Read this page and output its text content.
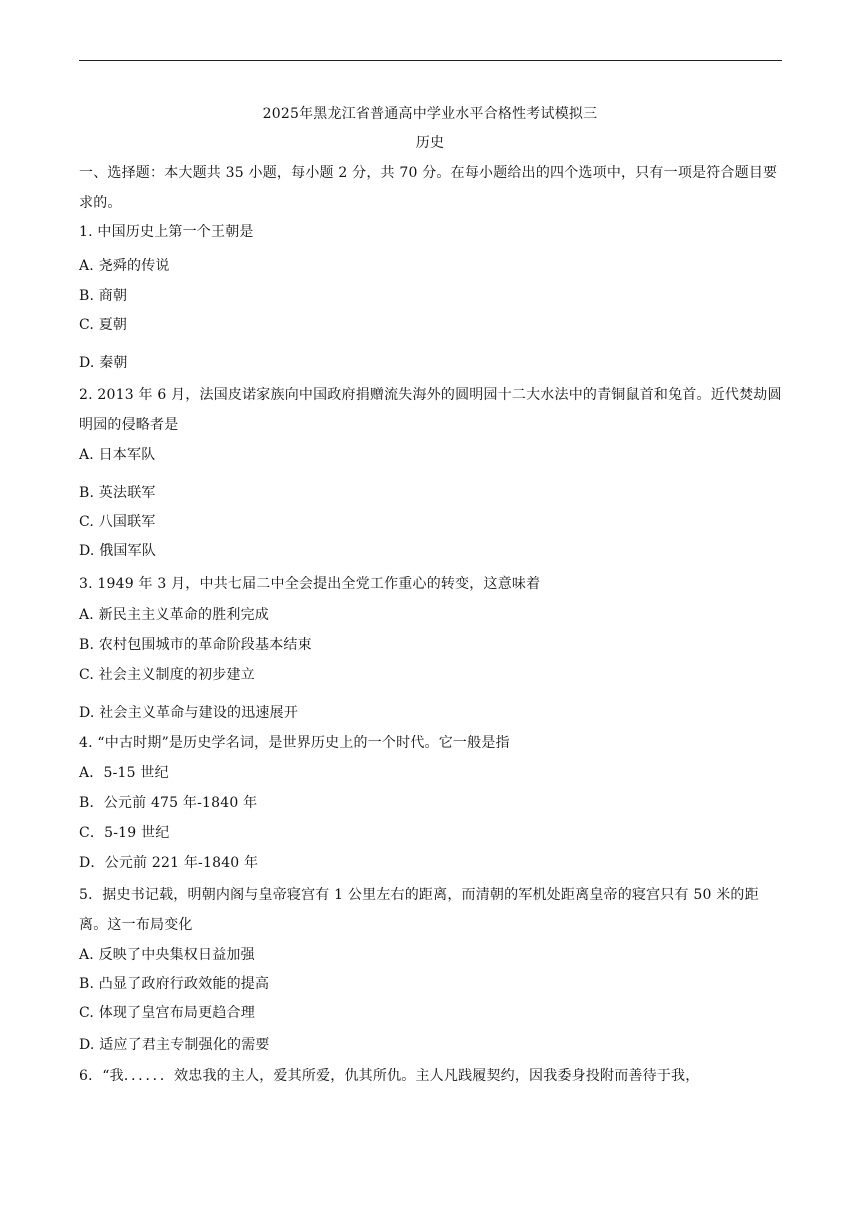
2025年黑龙江省普通高中学业水平合格性考试模拟三
历史
一、选择题：本大题共 35 小题，每小题 2 分，共 70 分。在每小题给出的四个选项中，只有一项是符合题目要求的。
1. 中国历史上第一个王朝是
A. 尧舜的传说
B. 商朝
C. 夏朝
D. 秦朝
2. 2013 年 6 月，法国皮诺家族向中国政府捐赠流失海外的圆明园十二大水法中的青铜鼠首和兔首。近代焚劫圆明园的侵略者是
A. 日本军队
B. 英法联军
C. 八国联军
D. 俄国军队
3. 1949 年 3 月，中共七届二中全会提出全党工作重心的转变，这意味着
A. 新民主主义革命的胜利完成
B. 农村包围城市的革命阶段基本结束
C. 社会主义制度的初步建立
D. 社会主义革命与建设的迅速展开
4. “中古时期”是历史学名词，是世界历史上的一个时代。它一般是指
A．5-15 世纪
B．公元前 475 年-1840 年
C．5-19 世纪
D．公元前 221 年-1840 年
5．据史书记载，明朝内阁与皇帝寝宫有 1 公里左右的距离，而清朝的军机处距离皇帝的寝宫只有 50 米的距离。这一布局变化
A. 反映了中央集权日益加强
B. 凸显了政府行政效能的提高
C. 体现了皇宫布局更趋合理
D. 适应了君主专制强化的需要
6．“我．．．．．．效忠我的主人，爱其所爱，仇其所仇。主人凡践履契约，因我委身投附而善待于我，
